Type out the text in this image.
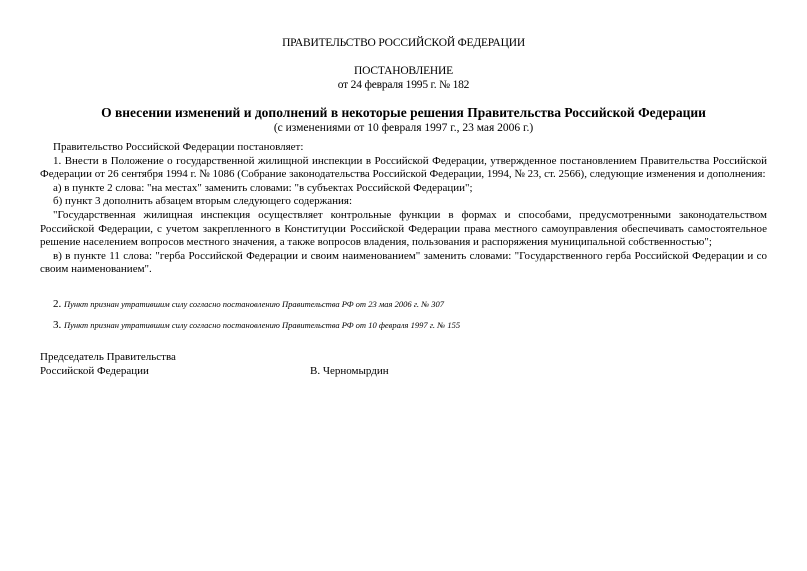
ПРАВИТЕЛЬСТВО РОССИЙСКОЙ ФЕДЕРАЦИИ
ПОСТАНОВЛЕНИЕ
от 24 февраля 1995 г. № 182
О внесении изменений и дополнений в некоторые решения Правительства Российской Федерации
(с изменениями от 10 февраля 1997 г., 23 мая 2006 г.)

Правительство Российской Федерации постановляет:

1. Внести в Положение о государственной жилищной инспекции в Российской Федерации, утвержденное постановлением Правительства Российской Федерации от 26 сентября 1994 г. № 1086 (Собрание законодательства Российской Федерации, 1994, № 23, ст. 2566), следующие изменения и дополнения:

а) в пункте 2 слова: "на местах" заменить словами: "в субъектах Российской Федерации";

б) пункт 3 дополнить абзацем вторым следующего содержания:

"Государственная жилищная инспекция осуществляет контрольные функции в формах и способами, предусмотренными законодательством Российской Федерации, с учетом закрепленного в Конституции Российской Федерации права местного самоуправления обеспечивать самостоятельное решение населением вопросов местного значения, а также вопросов владения, пользования и распоряжения муниципальной собственностью";

в) в пункте 11 слова: "герба Российской Федерации и своим наименованием" заменить словами: "Государственного герба Российской Федерации и со своим наименованием".

2. Пункт признан утратившим силу согласно постановлению Правительства РФ от 23 мая 2006 г. № 307
3. Пункт признан утратившим силу согласно постановлению Правительства РФ от 10 февраля 1997 г. № 155
Председатель Правительства
Российской Федерации	В. Черномырдин
